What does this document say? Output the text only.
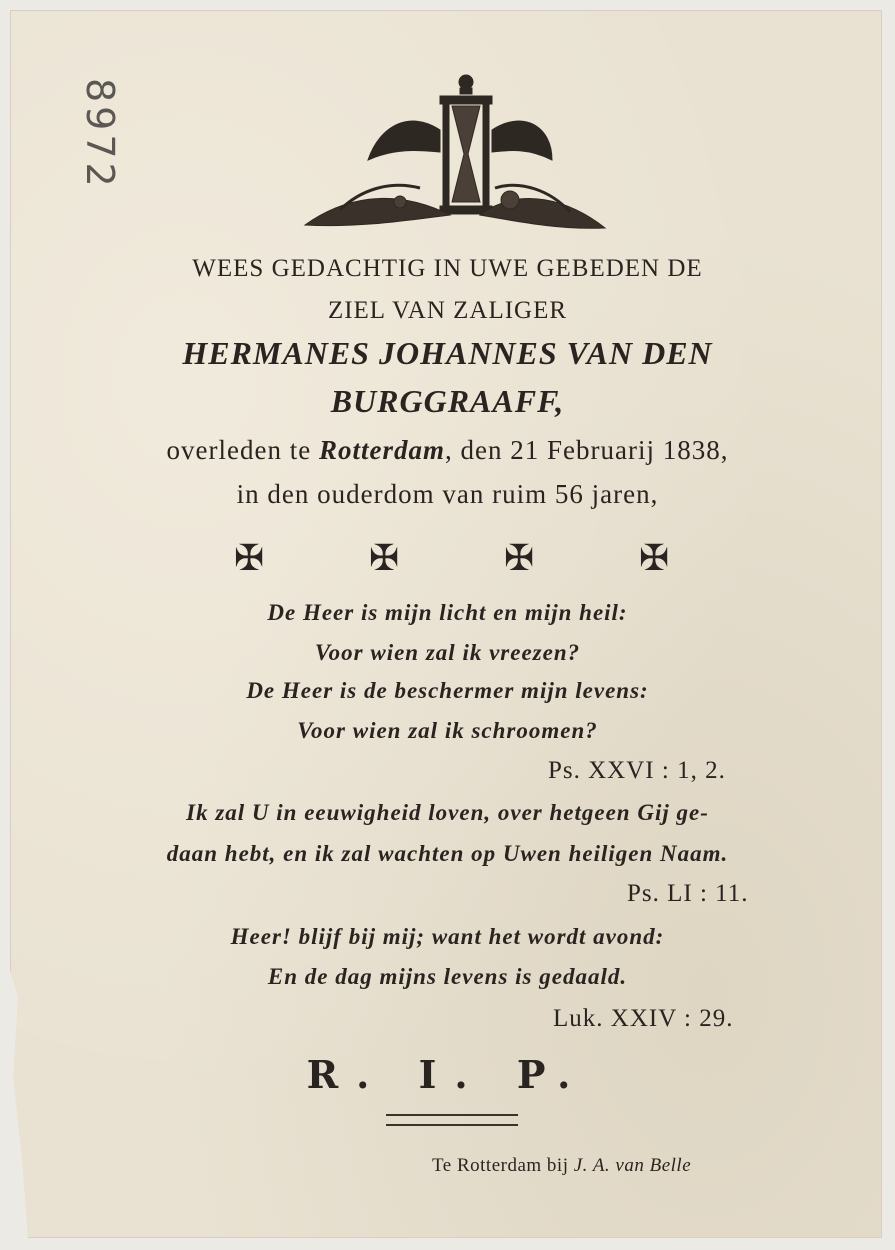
8972
WEES GEDACHTIG IN UWE GEBEDEN DE
ZIEL VAN ZALIGER
HERMANES JOHANNES VAN DEN
BURGGRAAFF,
overleden te Rotterdam, den 21 Februarij 1838,
in den ouderdom van ruim 56 jaren,
✠	✠	✠	✠
De Heer is mijn licht en mijn heil:
Voor wien zal ik vreezen?
De Heer is de beschermer mijn levens:
Voor wien zal ik schroomen?
Ps. XXVI : 1, 2.
Ik zal U in eeuwigheid loven, over hetgeen Gij ge-
daan hebt, en ik zal wachten op Uwen heiligen Naam.
Ps. LI : 11.
Heer! blijf bij mij; want het wordt avond:
En de dag mijns levens is gedaald.
Luk. XXIV : 29.
R. I. P.
Te Rotterdam bij J. A. van Belle
